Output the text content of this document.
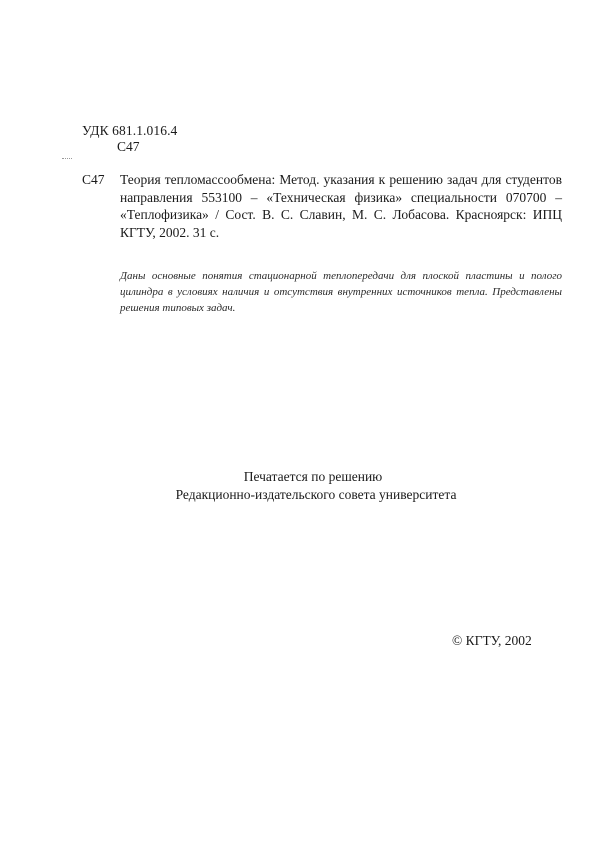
УДК 681.1.016.4
С47
С47 Теория тепломассообмена: Метод. указания к решению задач для студентов направления 553100 – «Техническая физика» специальности 070700 – «Теплофизика» / Сост. В. С. Славин, М. С. Лобасова. Красноярск: ИПЦ КГТУ, 2002. 31 с.
Даны основные понятия стационарной теплопередачи для плоской пластины и полого цилиндра в условиях наличия и отсутствия внутренних источников тепла. Представлены решения типовых задач.
Печатается по решению
Редакционно-издательского совета университета
© КГТУ, 2002
